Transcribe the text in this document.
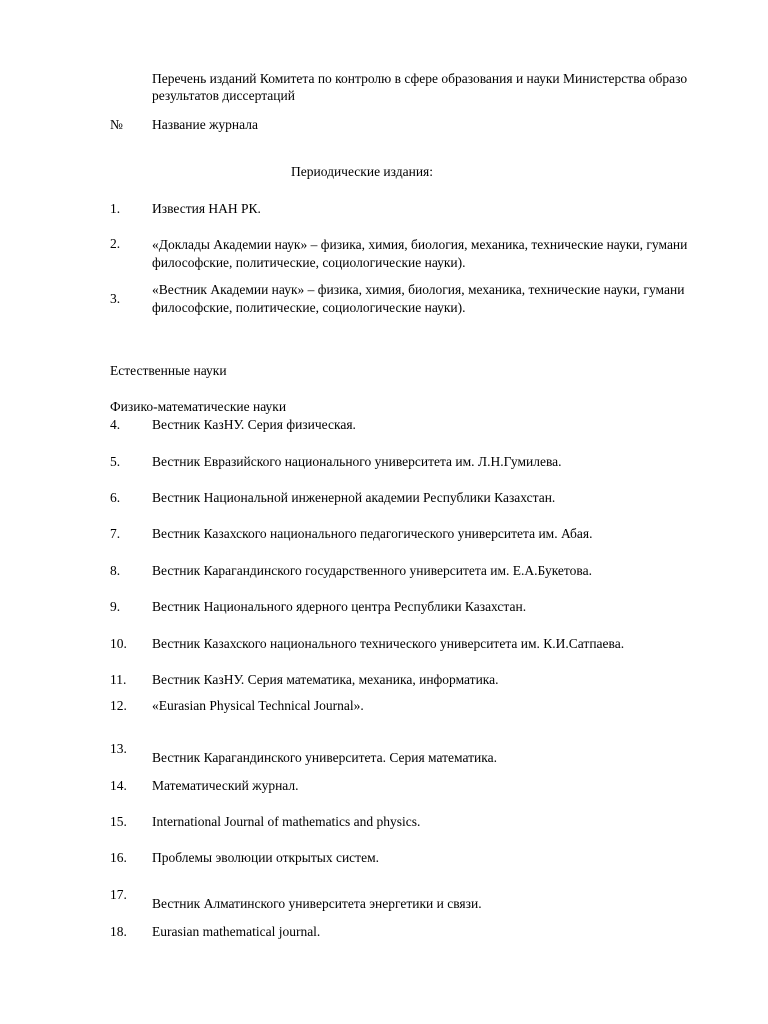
Перечень изданий Комитета по контролю в сфере образования и науки Министерства образо
результатов диссертаций
№ Название журнала
Периодические издания:
1. Известия НАН РК.
2. «Доклады Академии наук» – физика, химия, биология, механика, технические науки, гумани
философские, политические, социологические науки).
3.
«Вестник Академии наук» – физика, химия, биология, механика, технические науки, гумани
философские, политические, социологические науки).
Естественные науки
Физико-математические науки
4. Вестник КазНУ. Серия физическая.
5. Вестник Евразийского национального университета им. Л.Н.Гумилева.
6. Вестник Национальной инженерной академии Республики Казахстан.
7. Вестник Казахского национального педагогического университета им. Абая.
8. Вестник Карагандинского государственного университета им. Е.А.Букетова.
9. Вестник Национального ядерного центра Республики Казахстан.
10. Вестник Казахского национального технического университета им. К.И.Сатпаева.
11. Вестник КазНУ. Серия математика, механика, информатика.
12. «Eurasian Physical Technical Journal».
13.
Вестник Карагандинского университета. Серия математика.
14. Математический журнал.
15. International Journal of mathematics and physics.
16. Проблемы эволюции открытых систем.
17.
Вестник Алматинского университета энергетики и связи.
18. Eurasian mathematical journal.
